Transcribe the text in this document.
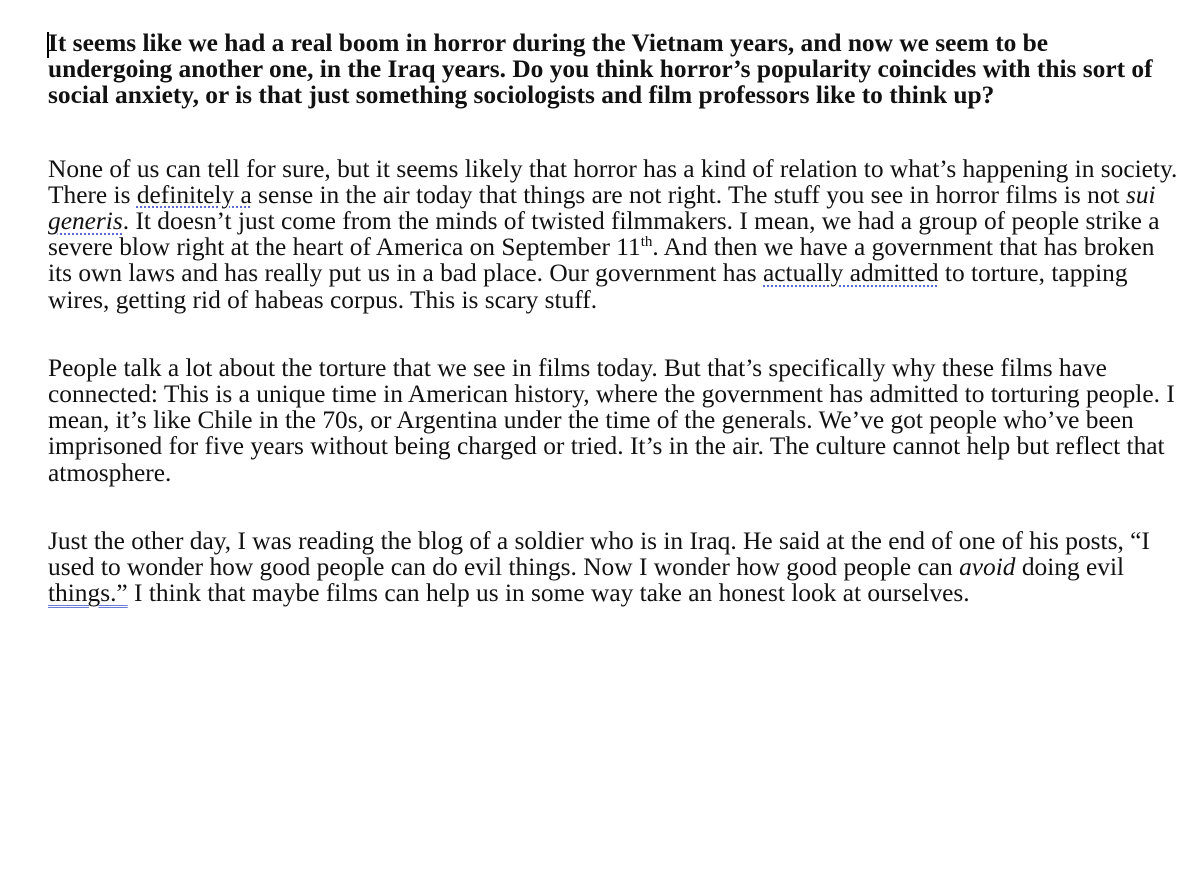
It seems like we had a real boom in horror during the Vietnam years, and now we seem to be undergoing another one, in the Iraq years. Do you think horror’s popularity coincides with this sort of social anxiety, or is that just something sociologists and film professors like to think up?

None of us can tell for sure, but it seems likely that horror has a kind of relation to what’s happening in society. There is definitely a sense in the air today that things are not right. The stuff you see in horror films is not sui generis. It doesn’t just come from the minds of twisted filmmakers. I mean, we had a group of people strike a severe blow right at the heart of America on September 11th. And then we have a government that has broken its own laws and has really put us in a bad place. Our government has actually admitted to torture, tapping wires, getting rid of habeas corpus. This is scary stuff.

People talk a lot about the torture that we see in films today. But that’s specifically why these films have connected: This is a unique time in American history, where the government has admitted to torturing people. I mean, it’s like Chile in the 70s, or Argentina under the time of the generals. We’ve got people who’ve been imprisoned for five years without being charged or tried. It’s in the air. The culture cannot help but reflect that atmosphere.

Just the other day, I was reading the blog of a soldier who is in Iraq. He said at the end of one of his posts, “I used to wonder how good people can do evil things. Now I wonder how good people can avoid doing evil things.” I think that maybe films can help us in some way take an honest look at ourselves.
